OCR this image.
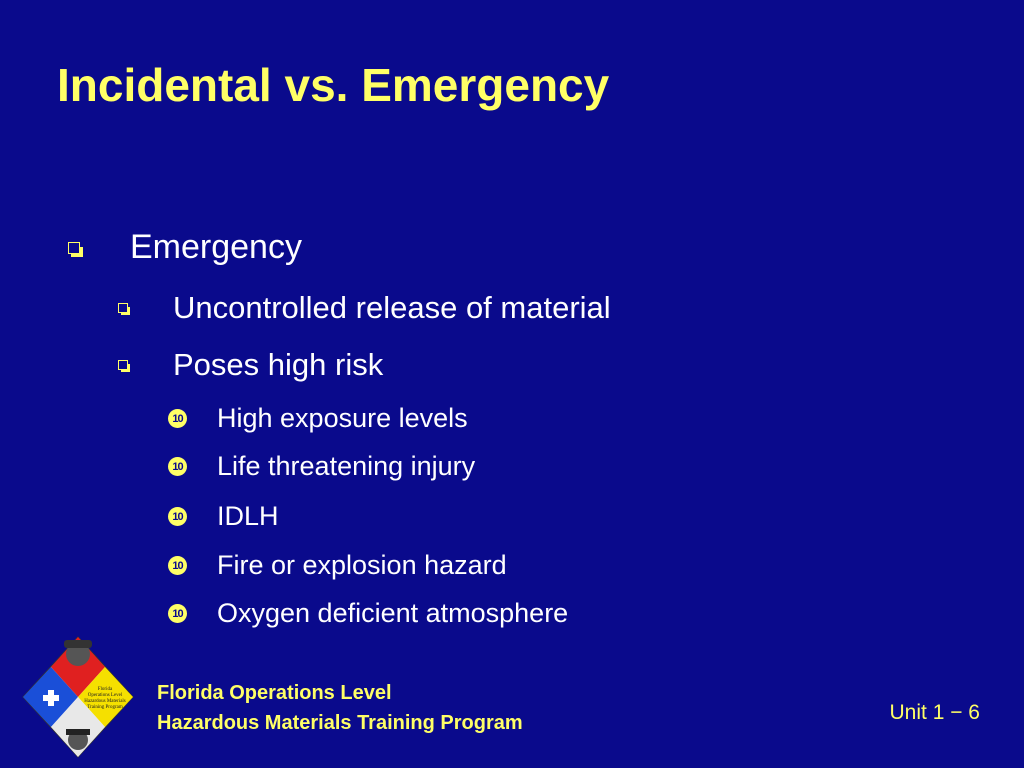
Incidental vs. Emergency
Emergency
Uncontrolled release of material
Poses high risk
10 High exposure levels
10 Life threatening injury
10 IDLH
10 Fire or explosion hazard
10 Oxygen deficient atmosphere
Florida
Operations Level
Hazardous Materials
Training Program
Florida Operations Level
Hazardous Materials Training Program	Unit 1 − 6
